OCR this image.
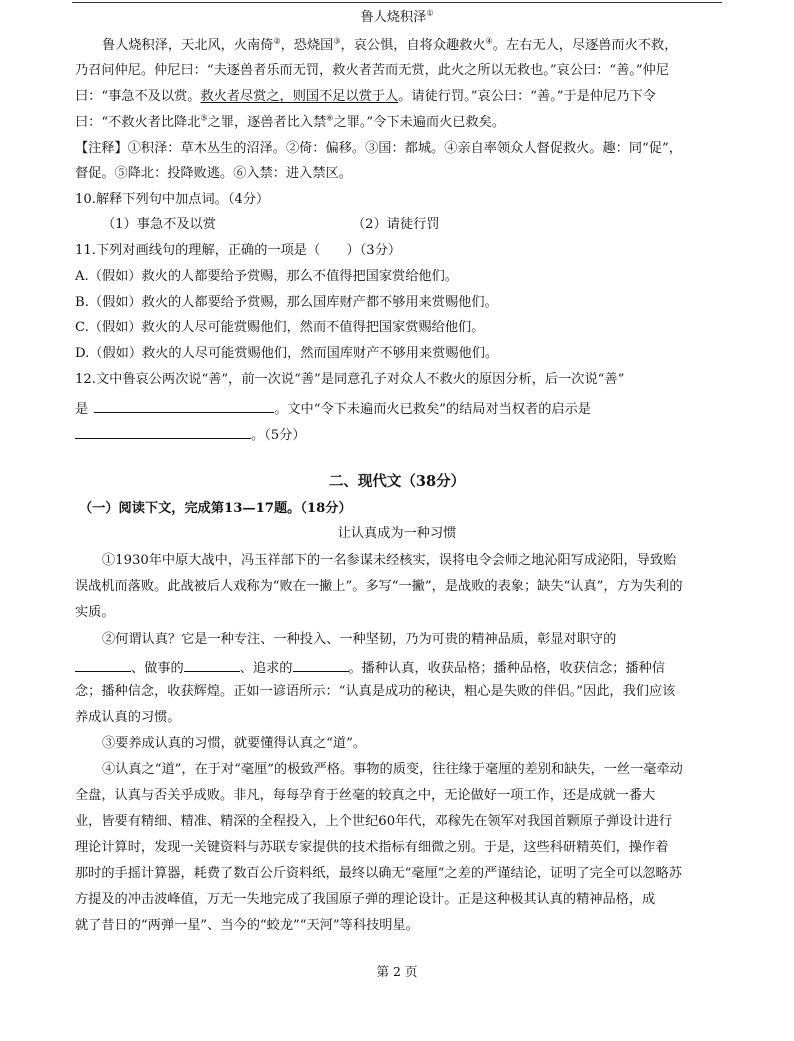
鲁人烧积泽①
鲁人烧积泽，天北风，火南倚②，恐烧国③，哀公惧，自将众趣救火④。左右无人，尽逐兽而火不救，
乃召问仲尼。仲尼曰：“夫逐兽者乐而无罚，救火者苦而无赏，此火之所以无救也。”哀公曰：“善。”仲尼
曰：“事急不及以赏。救火者尽赏之，则国不足以赏于人。请徒行罚。”哀公曰：“善。”于是仲尼乃下令
曰：“不救火者比降北⑤之罪，逐兽者比入禁⑥之罪。”令下未遍而火已救矣。
【注释】①积泽：草木丛生的沼泽。②倚：偏移。③国：都城。④亲自率领众人督促救火。趣：同“促”，
督促。⑤降北：投降败逃。⑥入禁：进入禁区。
10.解释下列句中加点词。（4分）
（1）事急不及以赏	（2）请徒行罚
11.下列对画线句的理解，正确的一项是（　　）（3分）
A.（假如）救火的人都要给予赏赐，那么不值得把国家赏给他们。
B.（假如）救火的人都要给予赏赐，那么国库财产都不够用来赏赐他们。
C.（假如）救火的人尽可能赏赐他们，然而不值得把国家赏赐给他们。
D.（假如）救火的人尽可能赏赐他们，然而国库财产不够用来赏赐他们。
12.文中鲁哀公两次说“善”，前一次说“善”是同意孔子对众人不救火的原因分析，后一次说“善”
是	。文中“令下未遍而火已救矣”的结局对当权者的启示是
。（5分）
二、现代文（38分）
（一）阅读下文，完成第13—17题。（18分）
让认真成为一种习惯
①1930年中原大战中，冯玉祥部下的一名参谋未经核实，误将电令会师之地沁阳写成泌阳，导致贻
误战机而落败。此战被后人戏称为“败在一撇上”。多写“一撇”，是战败的表象；缺失“认真”，方为失利的
实质。
②何谓认真？它是一种专注、一种投入、一种坚韧，乃为可贵的精神品质，彰显对职守的
、做事的	、追求的	。播种认真，收获品格；播种品格，收获信念；播种信
念；播种信念，收获辉煌。正如一谚语所示：“认真是成功的秘诀，粗心是失败的伴侣。”因此，我们应该
养成认真的习惯。
③要养成认真的习惯，就要懂得认真之“道”。
④认真之“道”，在于对“毫厘”的极致严格。事物的质变，往往缘于毫厘的差别和缺失，一丝一毫牵动
全盘，认真与否关乎成败。非凡，每每孕育于丝毫的较真之中，无论做好一项工作，还是成就一番大
业，皆要有精细、精准、精深的全程投入，上个世纪60年代，邓稼先在领军对我国首颗原子弹设计进行
理论计算时，发现一关键资料与苏联专家提供的技术指标有细微之别。于是，这些科研精英们，操作着
那时的手摇计算器，耗费了数百公斤资料纸，最终以确无“毫厘”之差的严谨结论，证明了完全可以忽略苏
方提及的冲击波峰值，万无一失地完成了我国原子弹的理论设计。正是这种极其认真的精神品格，成
就了昔日的“两弹一星”、当今的“蛟龙”“天河”等科技明星。
第 2 页
